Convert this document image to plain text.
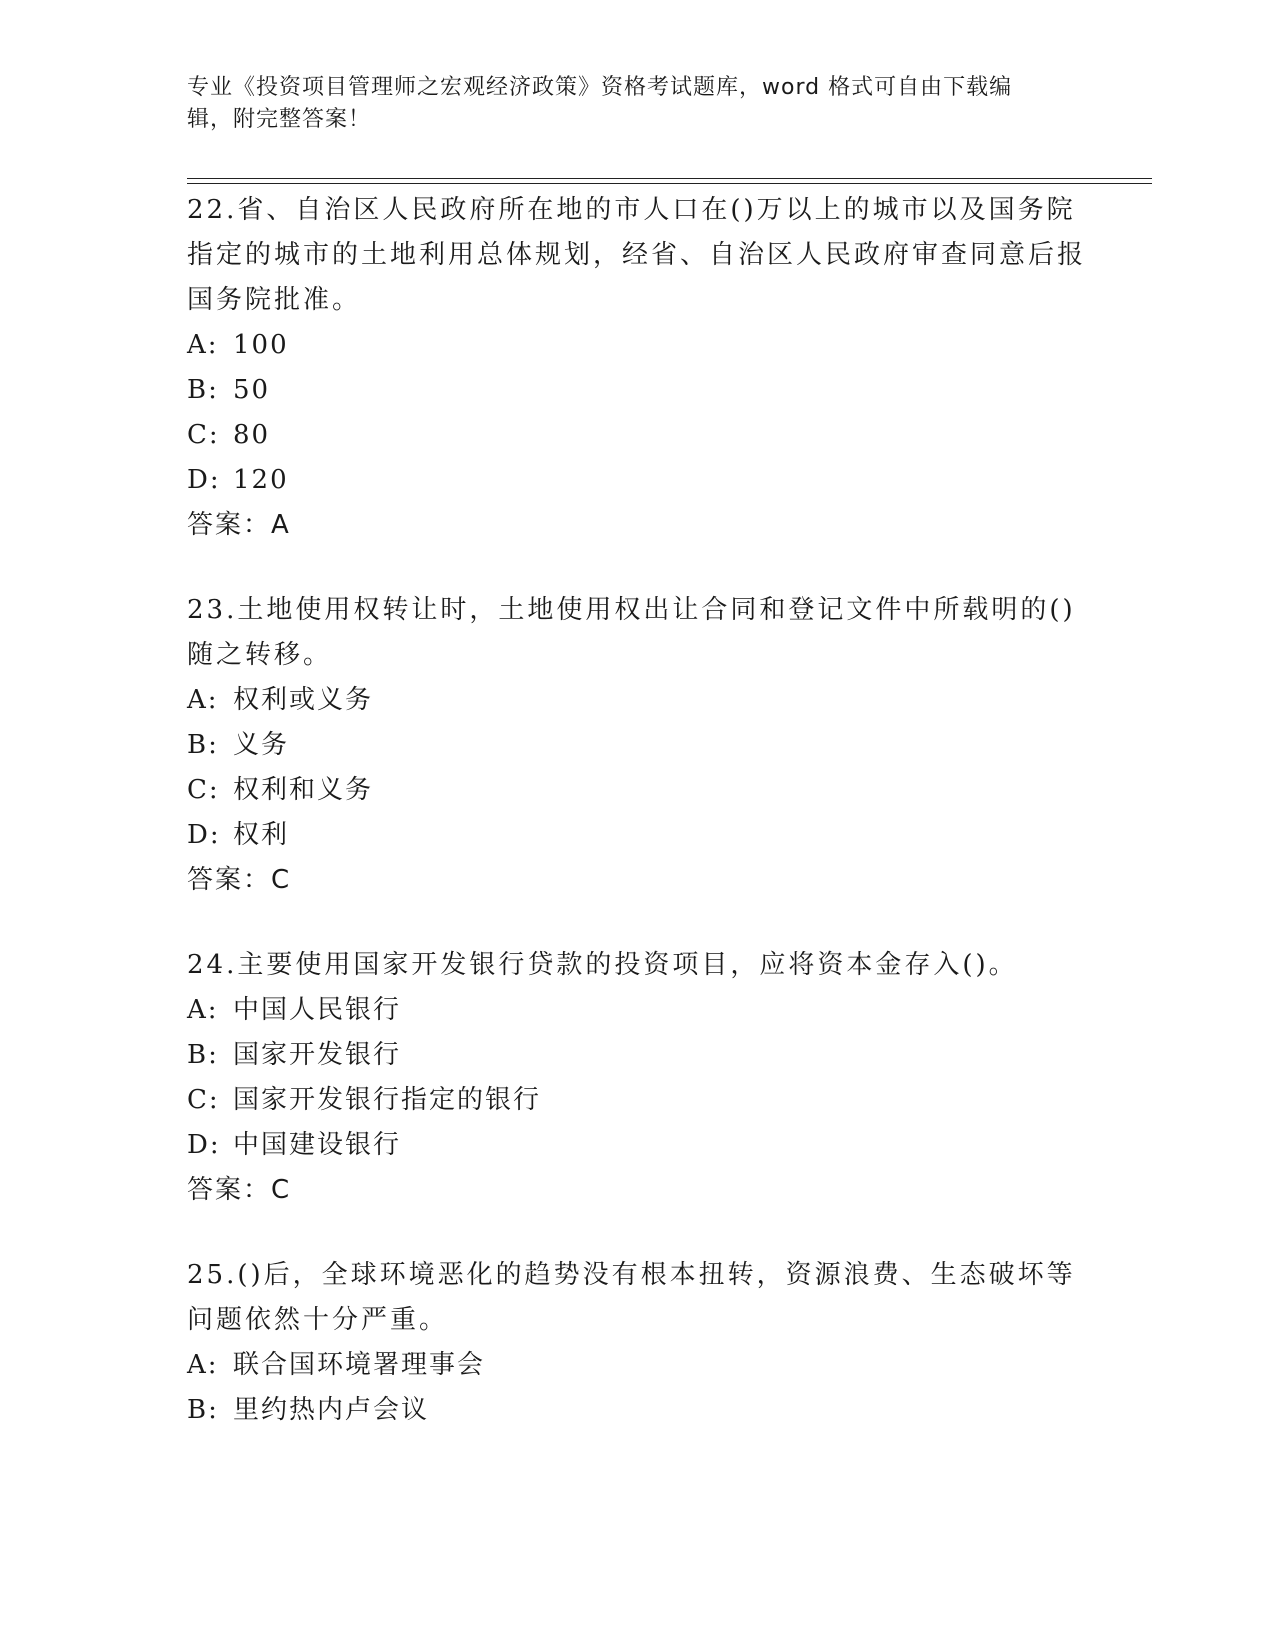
专业《投资项目管理师之宏观经济政策》资格考试题库，word 格式可自由下载编
辑，附完整答案！

22.省、自治区人民政府所在地的市人口在()万以上的城市以及国务院指定的城市的土地利用总体规划，经省、自治区人民政府审查同意后报国务院批准。

A: 100
B: 50
C: 80
D: 120
答案：A

23.土地使用权转让时，土地使用权出让合同和登记文件中所载明的()随之转移。

A: 权利或义务
B: 义务
C: 权利和义务
D: 权利
答案：C

24.主要使用国家开发银行贷款的投资项目，应将资本金存入()。

A: 中国人民银行
B: 国家开发银行
C: 国家开发银行指定的银行
D: 中国建设银行
答案：C

25.()后，全球环境恶化的趋势没有根本扭转，资源浪费、生态破坏等问题依然十分严重。

A: 联合国环境署理事会
B: 里约热内卢会议
